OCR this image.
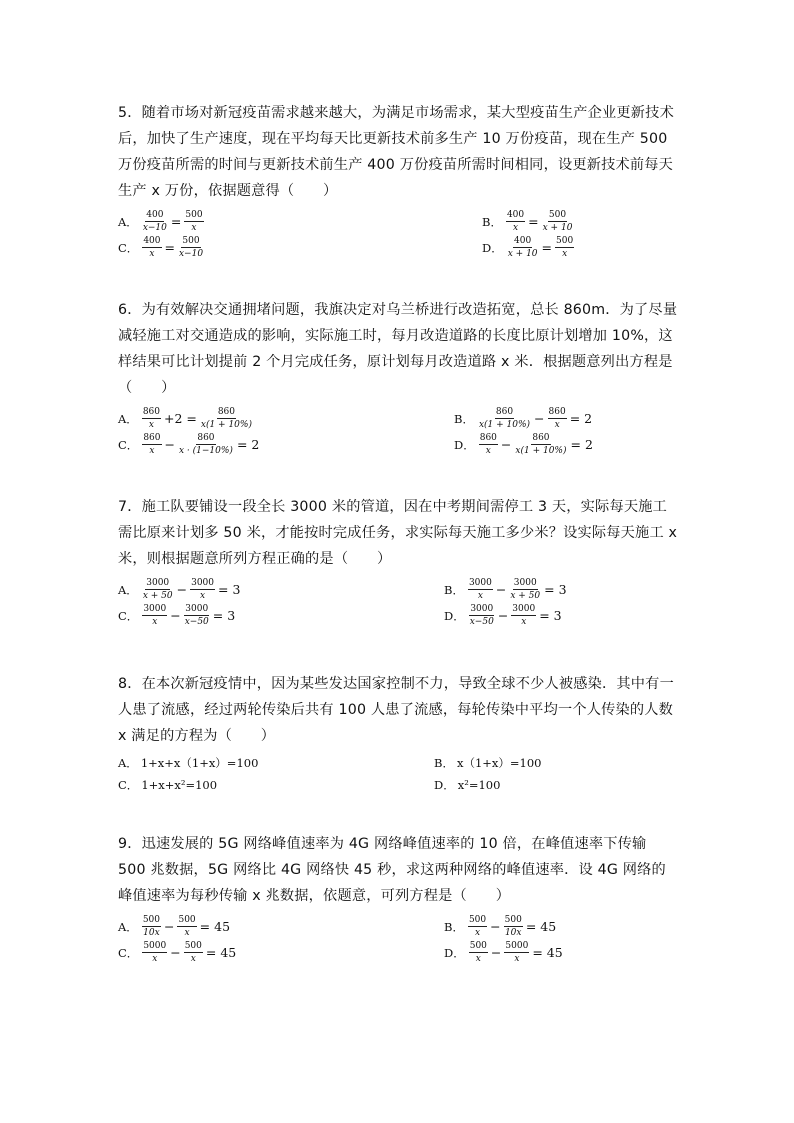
5．随着市场对新冠疫苗需求越来越大，为满足市场需求，某大型疫苗生产企业更新技术后，加快了生产速度，现在平均每天比更新技术前多生产 10 万份疫苗，现在生产 500 万份疫苗所需的时间与更新技术前生产 400 万份疫苗所需时间相同，设更新技术前每天生产 x 万份，依据题意得（　　）

A． $\frac{400}{x-10} = \frac{500}{x}$	B． $\frac{400}{x} = \frac{500}{x + 10}$
C． $\frac{400}{x} = \frac{500}{x-10}$	D． $\frac{400}{x + 10} = \frac{500}{x}$

6．为有效解决交通拥堵问题，我旗决定对乌兰桥进行改造拓宽，总长 860m．为了尽量减轻施工对交通造成的影响，实际施工时，每月改造道路的长度比原计划增加 10%，这样结果可比计划提前 2 个月完成任务，原计划每月改造道路 x 米．根据题意列出方程是（　　）

A． $\frac{860}{x} +2 = \frac{860}{x(1 + 10\%)}$	B． $\frac{860}{x(1 + 10\%)} - \frac{860}{x} = 2$
C． $\frac{860}{x} - \frac{860}{x \cdot (1-10\%)} = 2$	D． $\frac{860}{x} - \frac{860}{x(1 + 10\%)} = 2$

7．施工队要铺设一段全长 3000 米的管道，因在中考期间需停工 3 天，实际每天施工需比原来计划多 50 米，才能按时完成任务，求实际每天施工多少米？设实际每天施工 x 米，则根据题意所列方程正确的是（　　）

A． $\frac{3000}{x + 50} - \frac{3000}{x} = 3$	B． $\frac{3000}{x} - \frac{3000}{x + 50} = 3$
C． $\frac{3000}{x} - \frac{3000}{x-50} = 3$	D． $\frac{3000}{x-50} - \frac{3000}{x} = 3$

8．在本次新冠疫情中，因为某些发达国家控制不力，导致全球不少人被感染．其中有一人患了流感，经过两轮传染后共有 100 人患了流感，每轮传染中平均一个人传染的人数 x 满足的方程为（　　）

A． 1+x+x（1+x）=100	B． x（1+x）=100
C． 1+x+x²=100	D． x²=100

9．迅速发展的 5G 网络峰值速率为 4G 网络峰值速率的 10 倍，在峰值速率下传输 500 兆数据，5G 网络比 4G 网络快 45 秒，求这两种网络的峰值速率．设 4G 网络的峰值速率为每秒传输 x 兆数据，依题意，可列方程是（　　）

A． $\frac{500}{10x} - \frac{500}{x} = 45$	B． $\frac{500}{x} - \frac{500}{10x} = 45$
C． $\frac{5000}{x} - \frac{500}{x} = 45$	D． $\frac{500}{x} - \frac{5000}{x} = 45$
